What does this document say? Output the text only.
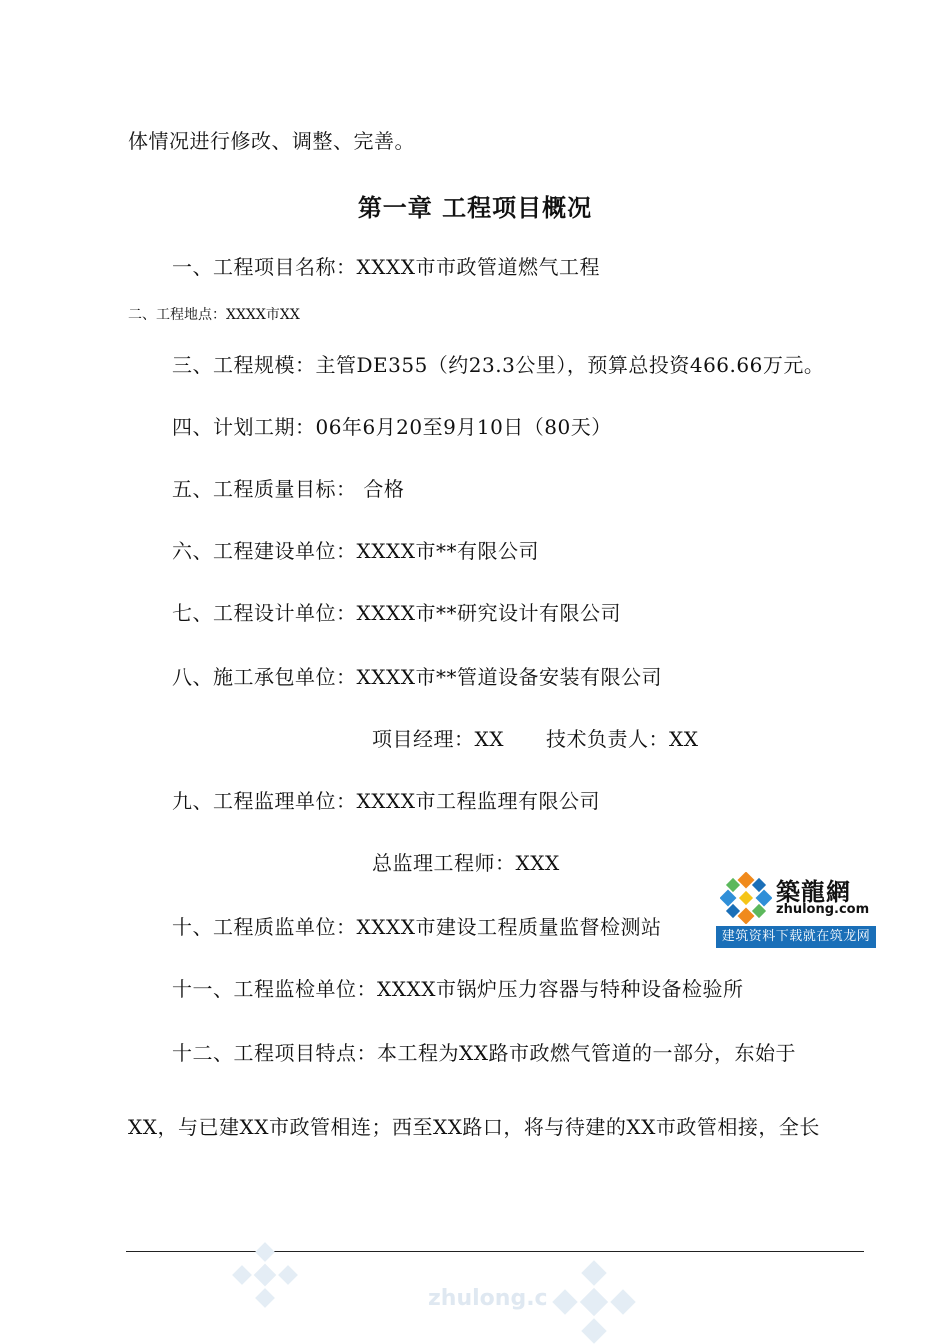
体情况进行修改、调整、完善。
第一章 工程项目概况
一、工程项目名称：XXXX市市政管道燃气工程
二、工程地点：XXXX市XX
三、工程规模：主管DE355（约23.3公里），预算总投资466.66万元。
四、计划工期：06年6月20至9月10日（80天）
五、工程质量目标： 合格
六、工程建设单位：XXXX市**有限公司
七、工程设计单位：XXXX市**研究设计有限公司
八、施工承包单位：XXXX市**管道设备安装有限公司
项目经理：XX 技术负责人：XX
九、工程监理单位：XXXX市工程监理有限公司
总监理工程师：XXX
十、工程质监单位：XXXX市建设工程质量监督检测站
十一、工程监检单位：XXXX市锅炉压力容器与特种设备检验所
十二、工程项目特点：本工程为XX路市政燃气管道的一部分，东始于
XX，与已建XX市政管相连；西至XX路口，将与待建的XX市政管相接，全长
築龍網
zhulong.com
建筑资料下载就在筑龙网
zhulong.c
